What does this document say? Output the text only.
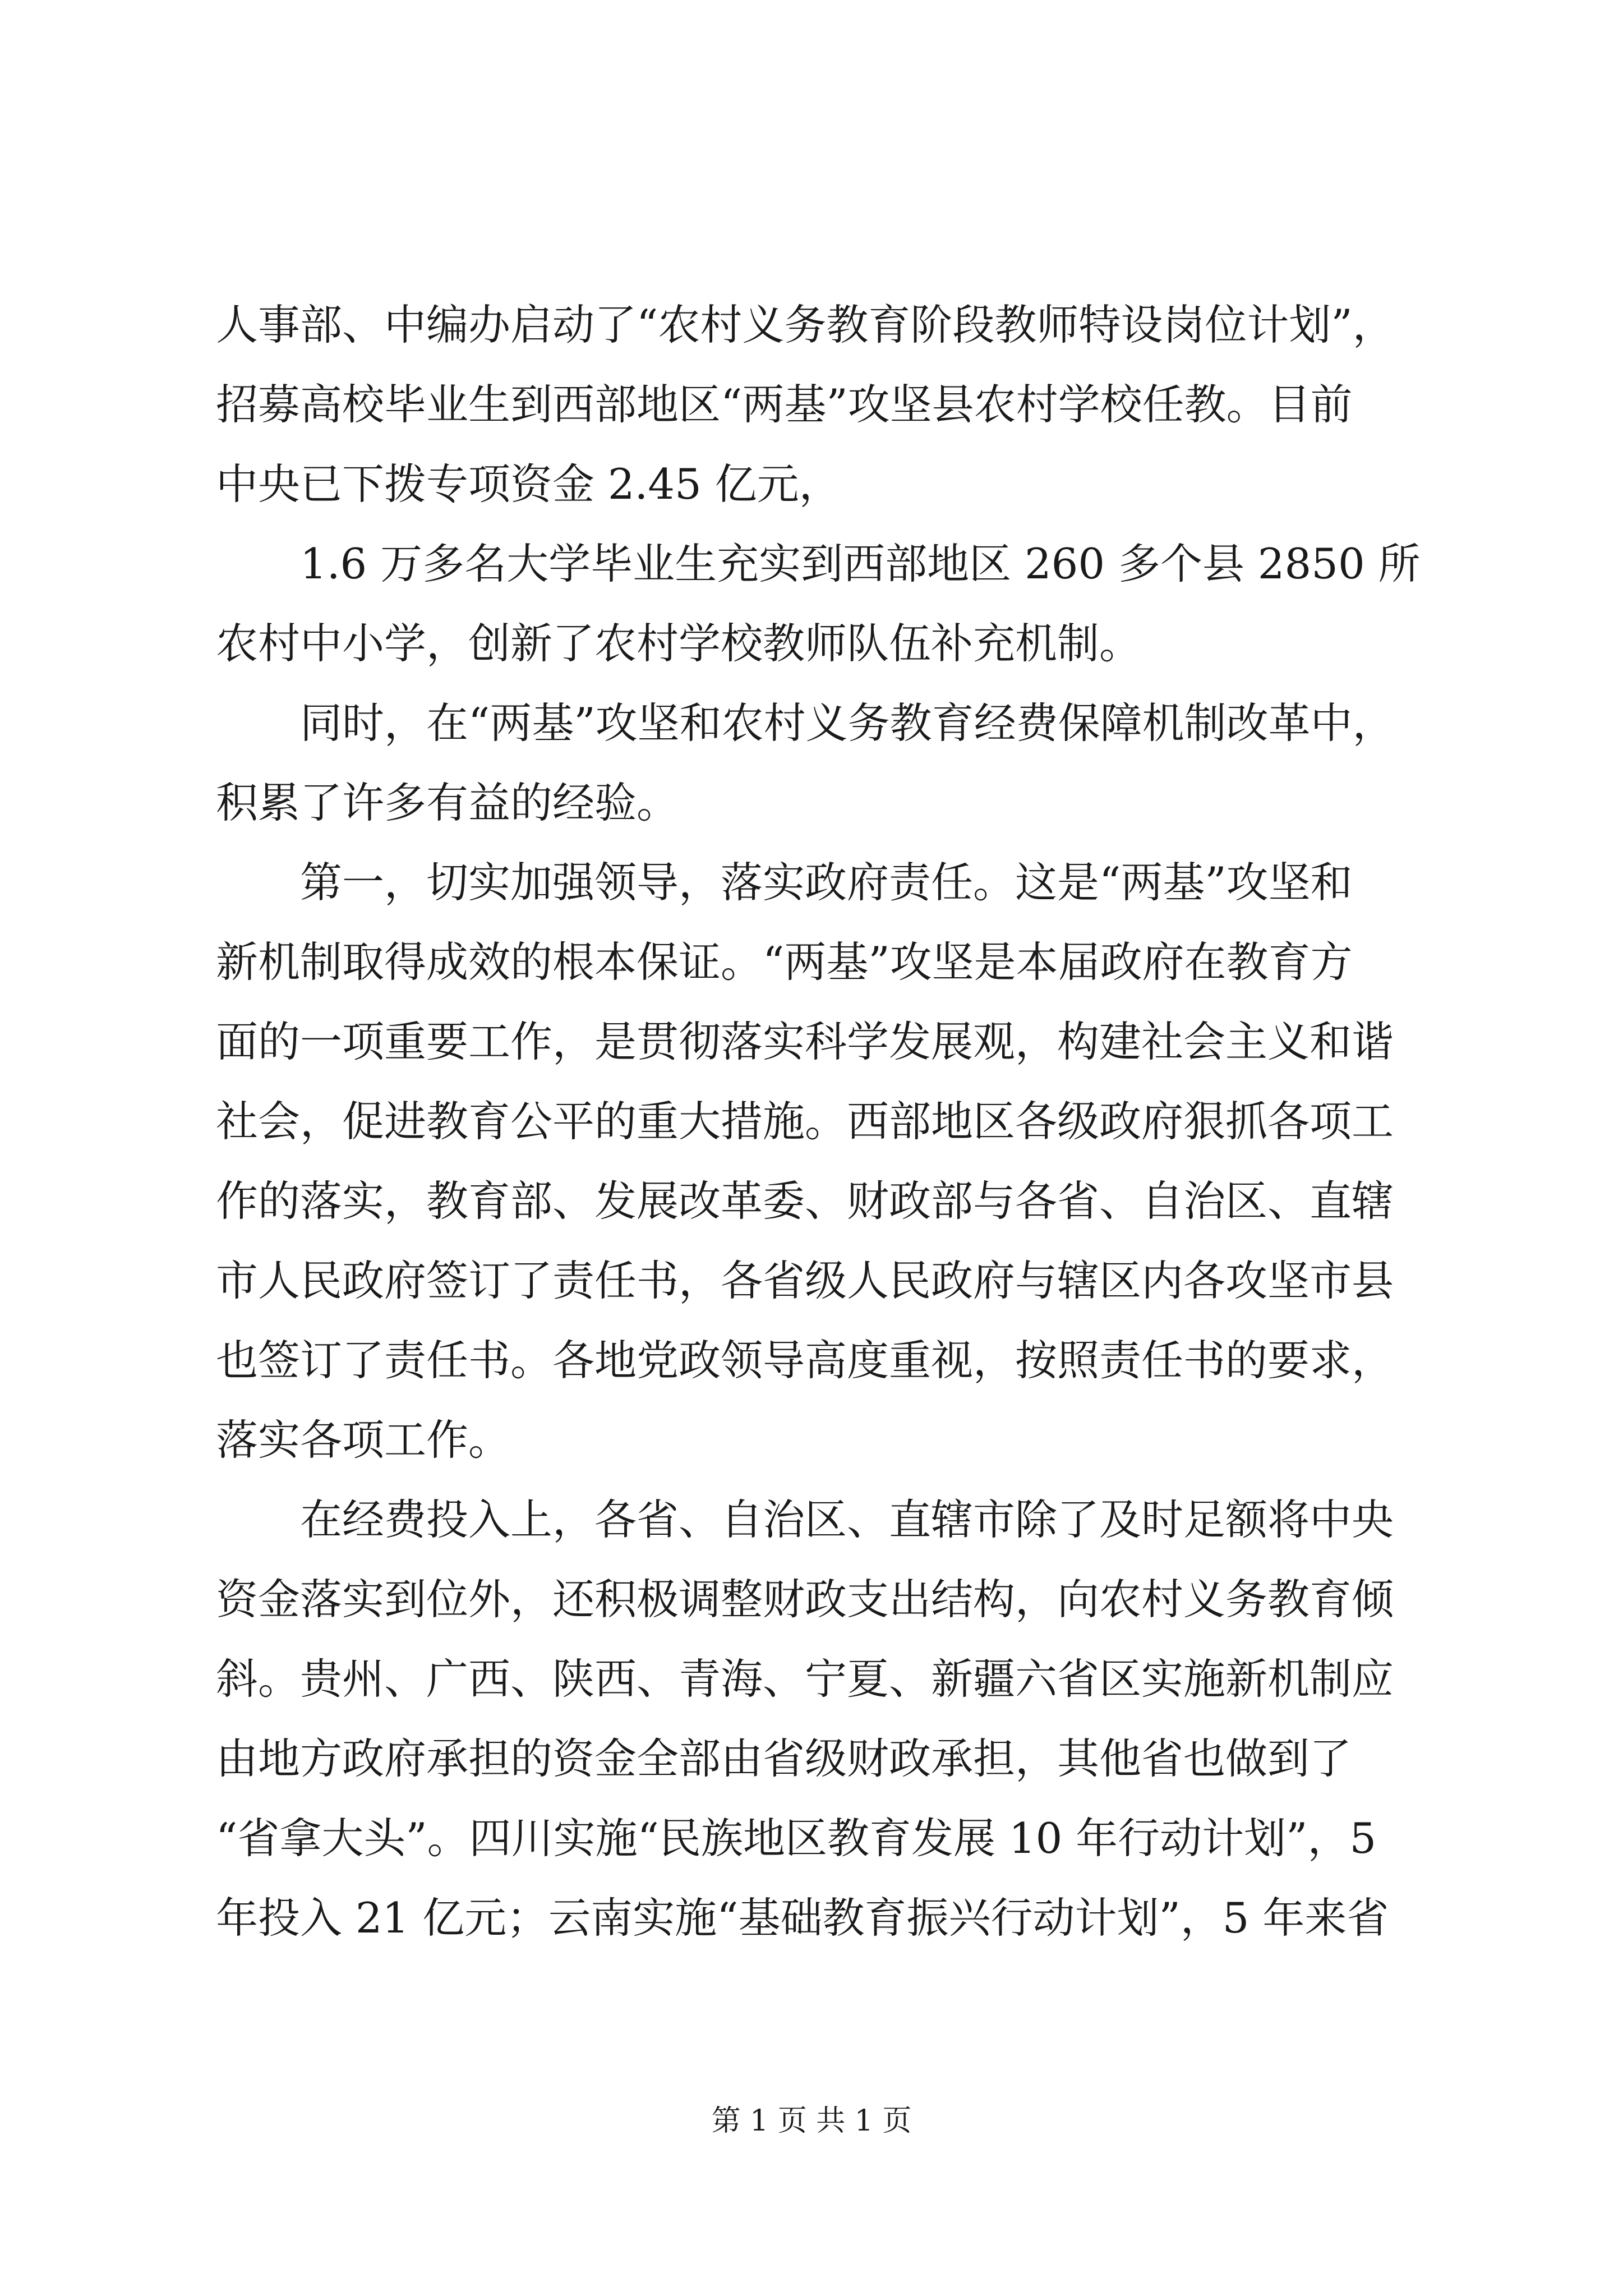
人事部、中编办启动了“农村义务教育阶段教师特设岗位计划”，
招募高校毕业生到西部地区“两基”攻坚县农村学校任教。目前
中央已下拨专项资金 2.45 亿元，
　　1.6 万多名大学毕业生充实到西部地区 260 多个县 2850 所
农村中小学，创新了农村学校教师队伍补充机制。
　　同时，在“两基”攻坚和农村义务教育经费保障机制改革中，
积累了许多有益的经验。
　　第一，切实加强领导，落实政府责任。这是“两基”攻坚和
新机制取得成效的根本保证。“两基”攻坚是本届政府在教育方
面的一项重要工作，是贯彻落实科学发展观，构建社会主义和谐
社会，促进教育公平的重大措施。西部地区各级政府狠抓各项工
作的落实，教育部、发展改革委、财政部与各省、自治区、直辖
市人民政府签订了责任书，各省级人民政府与辖区内各攻坚市县
也签订了责任书。各地党政领导高度重视，按照责任书的要求，
落实各项工作。
　　在经费投入上，各省、自治区、直辖市除了及时足额将中央
资金落实到位外，还积极调整财政支出结构，向农村义务教育倾
斜。贵州、广西、陕西、青海、宁夏、新疆六省区实施新机制应
由地方政府承担的资金全部由省级财政承担，其他省也做到了
“省拿大头”。四川实施“民族地区教育发展 10 年行动计划”，5
年投入 21 亿元；云南实施“基础教育振兴行动计划”，5 年来省
第 1 页 共 1 页
